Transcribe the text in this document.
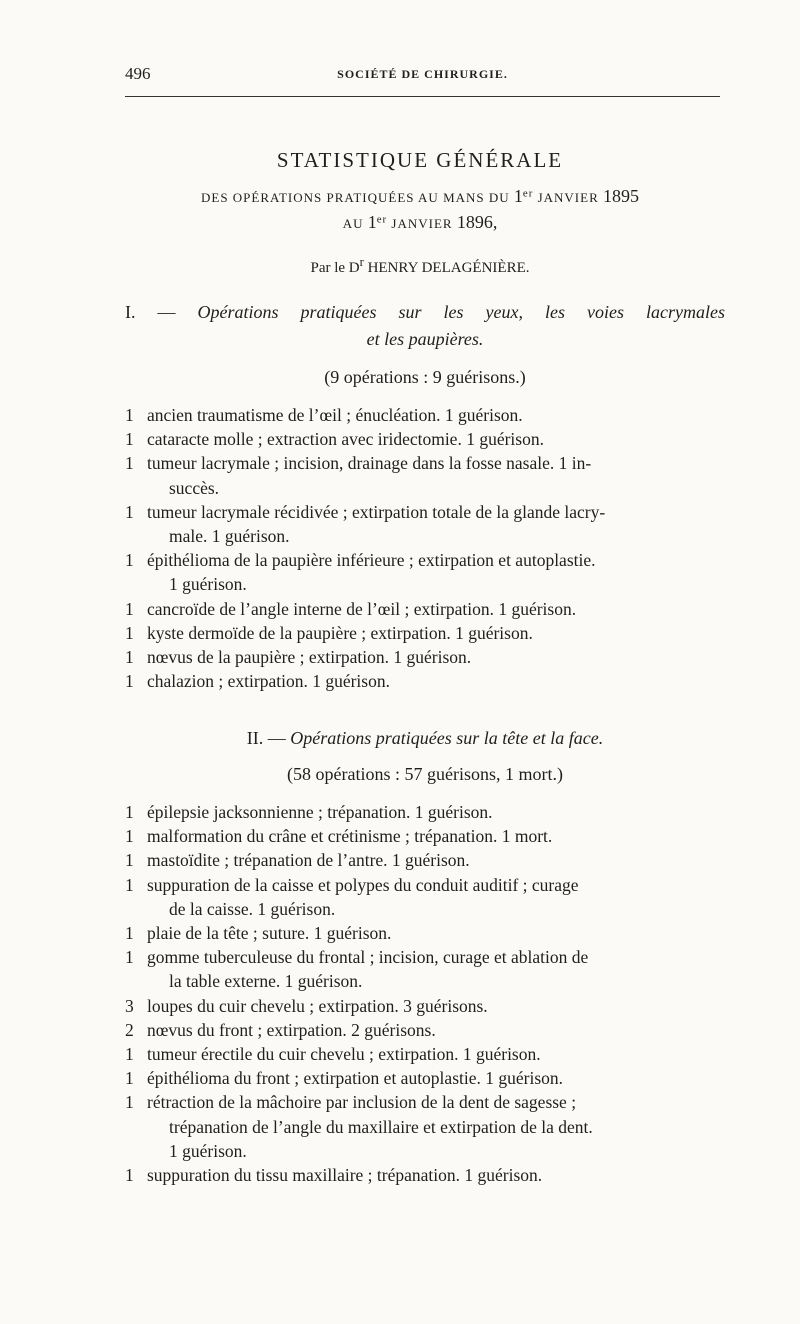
496	SOCIÉTÉ DE CHIRURGIE.
STATISTIQUE GÉNÉRALE
DES OPÉRATIONS PRATIQUÉES AU MANS DU 1er JANVIER 1895
AU 1er JANVIER 1896,
Par le $D^r$ HENRY DELAGÉNIÈRE.
I. — Opérations pratiquées sur les yeux, les voies lacrymales
et les paupières.
(9 opérations : 9 guérisons.)
1 ancien traumatisme de l’œil ; énucléation. 1 guérison.
1 cataracte molle ; extraction avec iridectomie. 1 guérison.
1 tumeur lacrymale ; incision, drainage dans la fosse nasale. 1 in-
succès.
1 tumeur lacrymale récidivée ; extirpation totale de la glande lacry-
male. 1 guérison.
1 épithélioma de la paupière inférieure ; extirpation et autoplastie.
1 guérison.
1 cancroïde de l’angle interne de l’œil ; extirpation. 1 guérison.
1 kyste dermoïde de la paupière ; extirpation. 1 guérison.
1 nœvus de la paupière ; extirpation. 1 guérison.
1 chalazion ; extirpation. 1 guérison.
II. — Opérations pratiquées sur la tête et la face.
(58 opérations : 57 guérisons, 1 mort.)
1 épilepsie jacksonnienne ; trépanation. 1 guérison.
1 malformation du crâne et crétinisme ; trépanation. 1 mort.
1 mastoïdite ; trépanation de l’antre. 1 guérison.
1 suppuration de la caisse et polypes du conduit auditif ; curage
de la caisse. 1 guérison.
1 plaie de la tête ; suture. 1 guérison.
1 gomme tuberculeuse du frontal ; incision, curage et ablation de
la table externe. 1 guérison.
3 loupes du cuir chevelu ; extirpation. 3 guérisons.
2 nœvus du front ; extirpation. 2 guérisons.
1 tumeur érectile du cuir chevelu ; extirpation. 1 guérison.
1 épithélioma du front ; extirpation et autoplastie. 1 guérison.
1 rétraction de la mâchoire par inclusion de la dent de sagesse ;
trépanation de l’angle du maxillaire et extirpation de la dent.
1 guérison.
1 suppuration du tissu maxillaire ; trépanation. 1 guérison.
